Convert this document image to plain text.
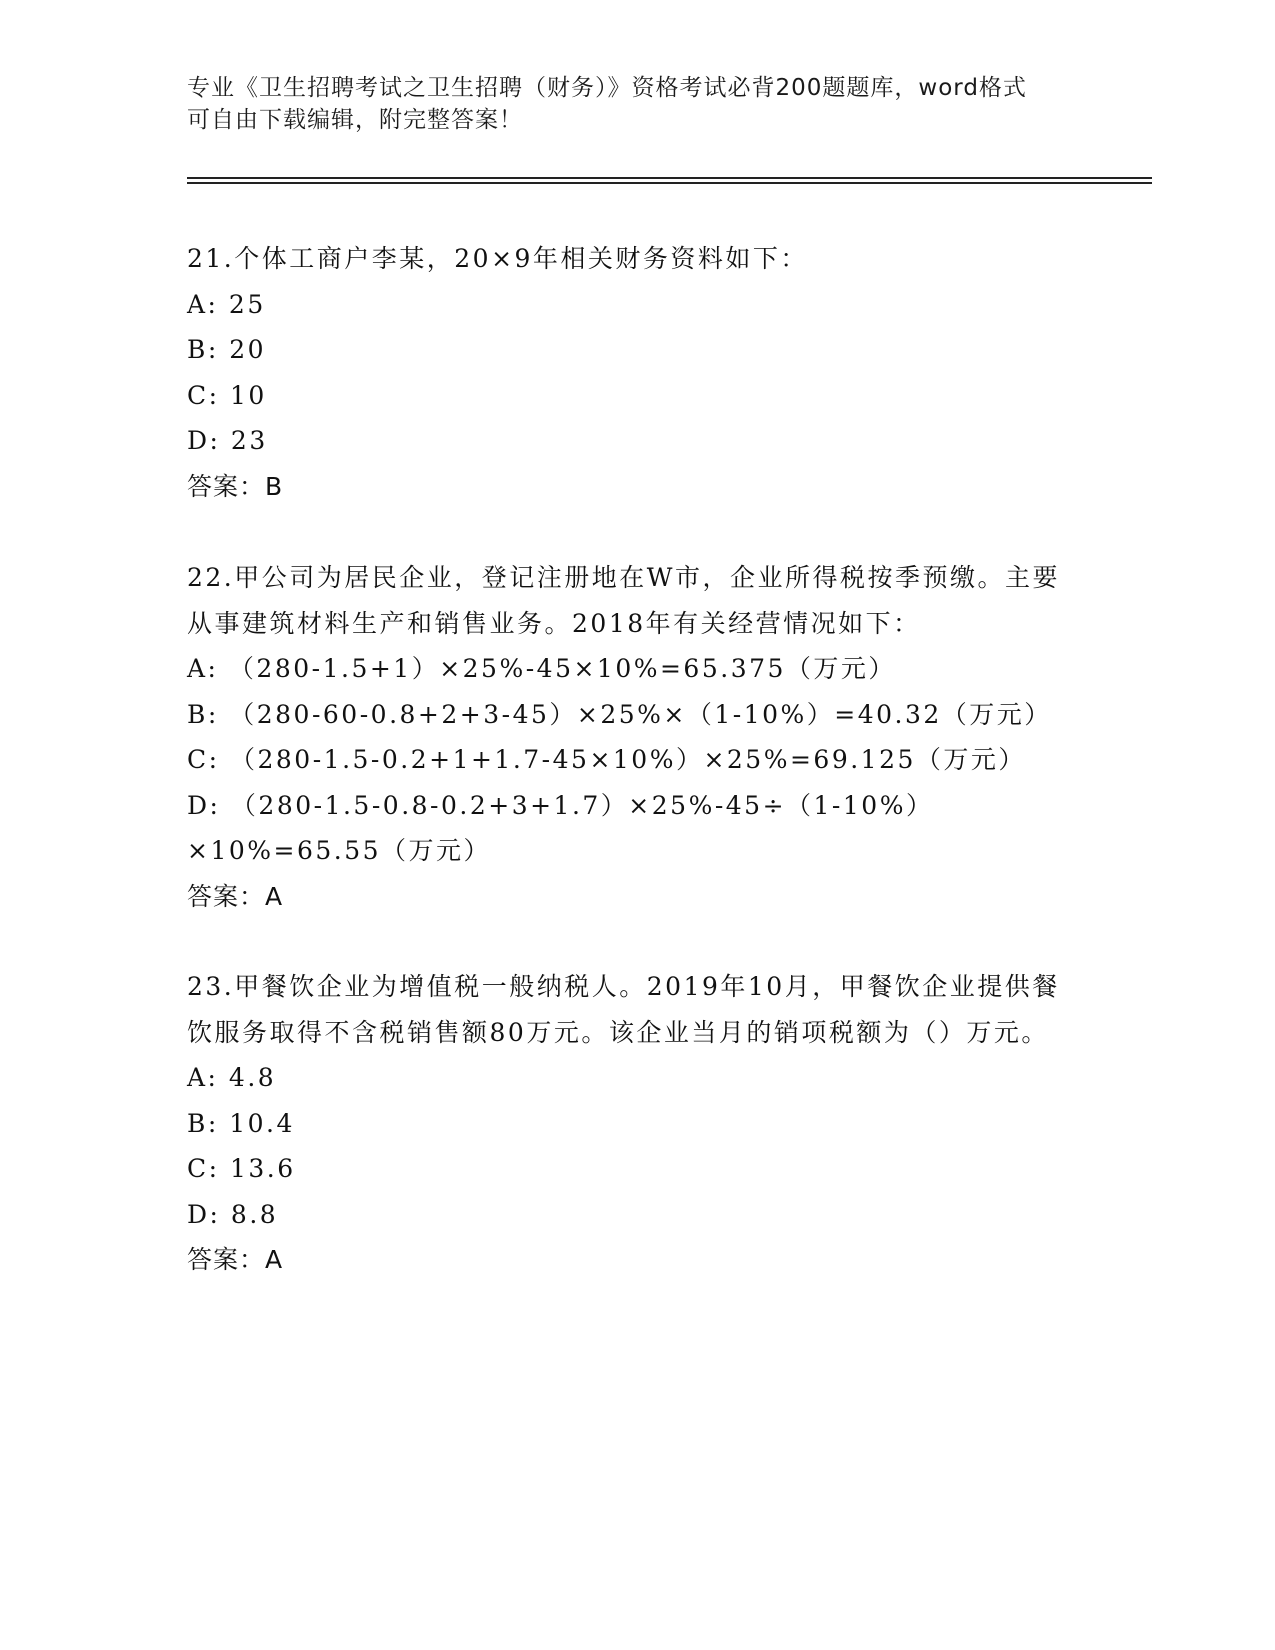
专业《卫生招聘考试之卫生招聘（财务）》资格考试必背200题题库，word格式
可自由下载编辑，附完整答案！

21.个体工商户李某，20×9年相关财务资料如下：

A: 25

B: 20

C: 10

D: 23

答案：B

22.甲公司为居民企业，登记注册地在W市，企业所得税按季预缴。主要从事建筑材料生产和销售业务。2018年有关经营情况如下：

A: （280-1.5+1）×25%-45×10%=65.375（万元）

B: （280-60-0.8+2+3-45）×25%×（1-10%）=40.32（万元）

C: （280-1.5-0.2+1+1.7-45×10%）×25%=69.125（万元）

D: （280-1.5-0.8-0.2+3+1.7）×25%-45÷（1-10%）×10%=65.55（万元）

答案：A

23.甲餐饮企业为增值税一般纳税人。2019年10月，甲餐饮企业提供餐饮服务取得不含税销售额80万元。该企业当月的销项税额为（）万元。

A: 4.8

B: 10.4

C: 13.6

D: 8.8

答案：A
